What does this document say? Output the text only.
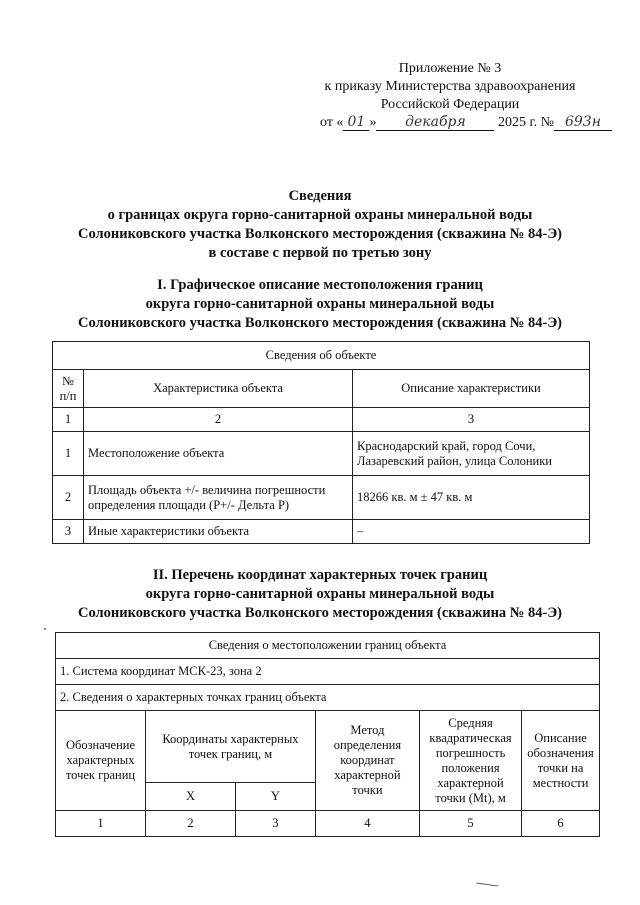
Приложение № 3
к приказу Министерства здравоохранения
Российской Федерации
от « 01 » декабря 2025 г. № 693н
Сведения
о границах округа горно-санитарной охраны минеральной воды
Солониковского участка Волконского месторождения (скважина № 84-Э)
в составе с первой по третью зону
I. Графическое описание местоположения границ
округа горно-санитарной охраны минеральной воды
Солониковского участка Волконского месторождения (скважина № 84-Э)
Сведения об объекте		
№ п/п	Характеристика объекта	Описание характеристики
1	2	3
1	Местоположение объекта	Краснодарский край, город Сочи, Лазаревский район, улица Солоники
2	Площадь объекта +/- величина погрешности определения площади (Р+/- Дельта Р)	18266 кв. м ± 47 кв. м
3	Иные характеристики объекта	–
II. Перечень координат характерных точек границ
округа горно-санитарной охраны минеральной воды
Солониковского участка Волконского месторождения (скважина № 84-Э)
Сведения о местоположении границ объекта					
1. Система координат МСК-23, зона 2					
2. Сведения о характерных точках границ объекта					
Обозначение характерных точек границ	Координаты характерных точек границ, м		Метод определения координат характерной точки	Средняя квадратическая погрешность положения характерной точки (Mt), м	Описание обозначения точки на местности
	X	Y			
1	2	3	4	5	6
